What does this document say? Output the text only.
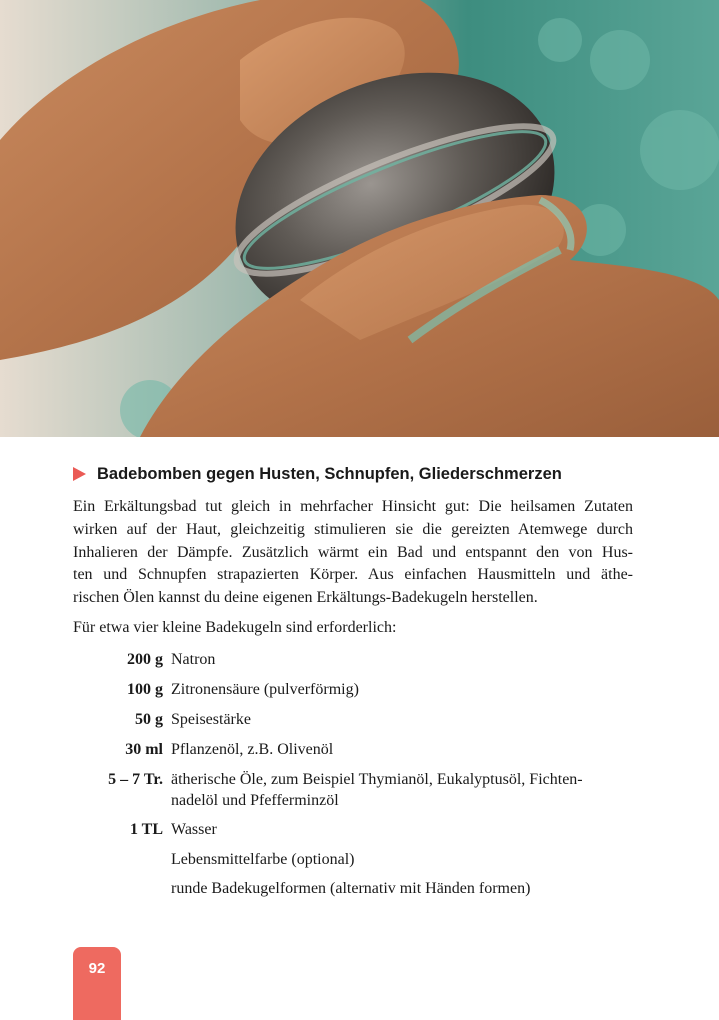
Badebomben gegen Husten, Schnupfen, Gliederschmerzen
Ein Erkältungsbad tut gleich in mehrfacher Hinsicht gut: Die heilsamen Zutaten
wirken auf der Haut, gleichzeitig stimulieren sie die gereizten Atemwege durch
Inhalieren der Dämpfe. Zusätzlich wärmt ein Bad und entspannt den von Hus-
ten und Schnupfen strapazierten Körper. Aus einfachen Hausmitteln und äthe-
rischen Ölen kannst du deine eigenen Erkältungs-Badekugeln herstellen.
Für etwa vier kleine Badekugeln sind erforderlich:
200 g Natron
100 g Zitronensäure (pulverförmig)
50 g Speisestärke
30 ml Pflanzenöl, z.B. Olivenöl
5 – 7 Tr. ätherische Öle, zum Beispiel Thymianöl, Eukalyptusöl, Fichten-
nadelöl und Pfefferminzöl
1 TL Wasser
Lebensmittelfarbe (optional)
runde Badekugelformen (alternativ mit Händen formen)
92
